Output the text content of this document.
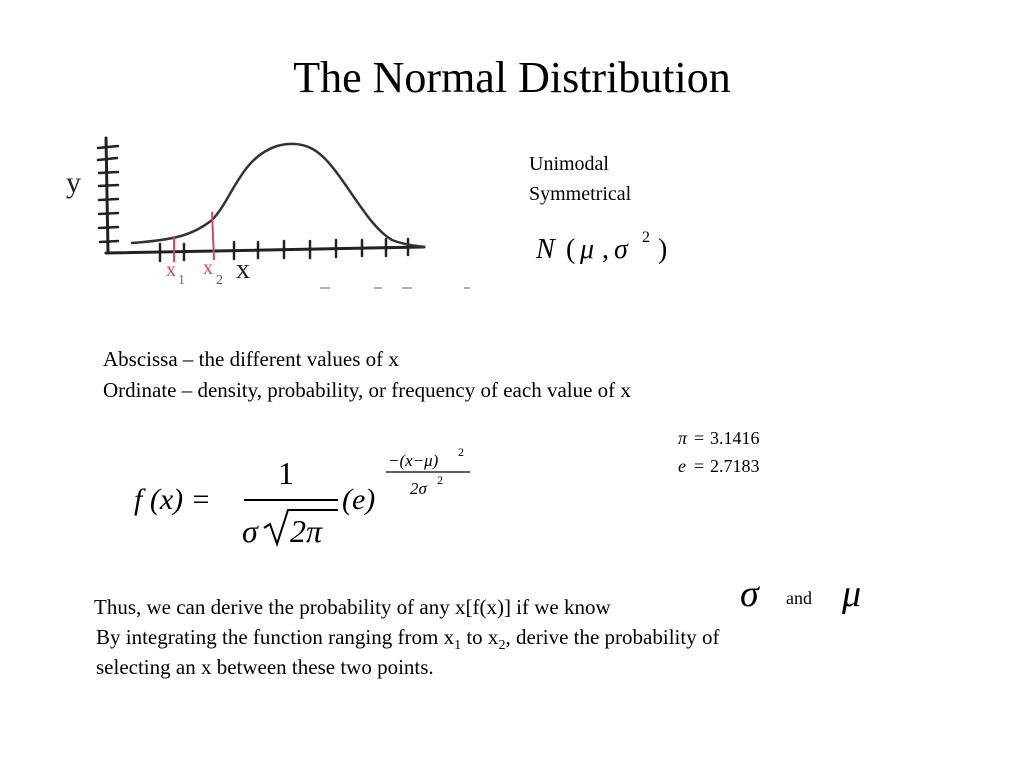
The Normal Distribution
y
x 1
x
2 x
Unimodal
Symmetrical
N ( μ , σ 2 )
Abscissa – the different values of x
Ordinate – density, probability, or frequency of each value of x
π = 3.1416
e = 2.7183
f (x) =
1
σ 2π
(e)
−(x−μ) 2
2σ 2
Thus, we can derive the probability of any x[f(x)] if we know	σ and μ
By integrating the function ranging from $x_1$ to $x_2$, derive the probability of
selecting an x between these two points.
